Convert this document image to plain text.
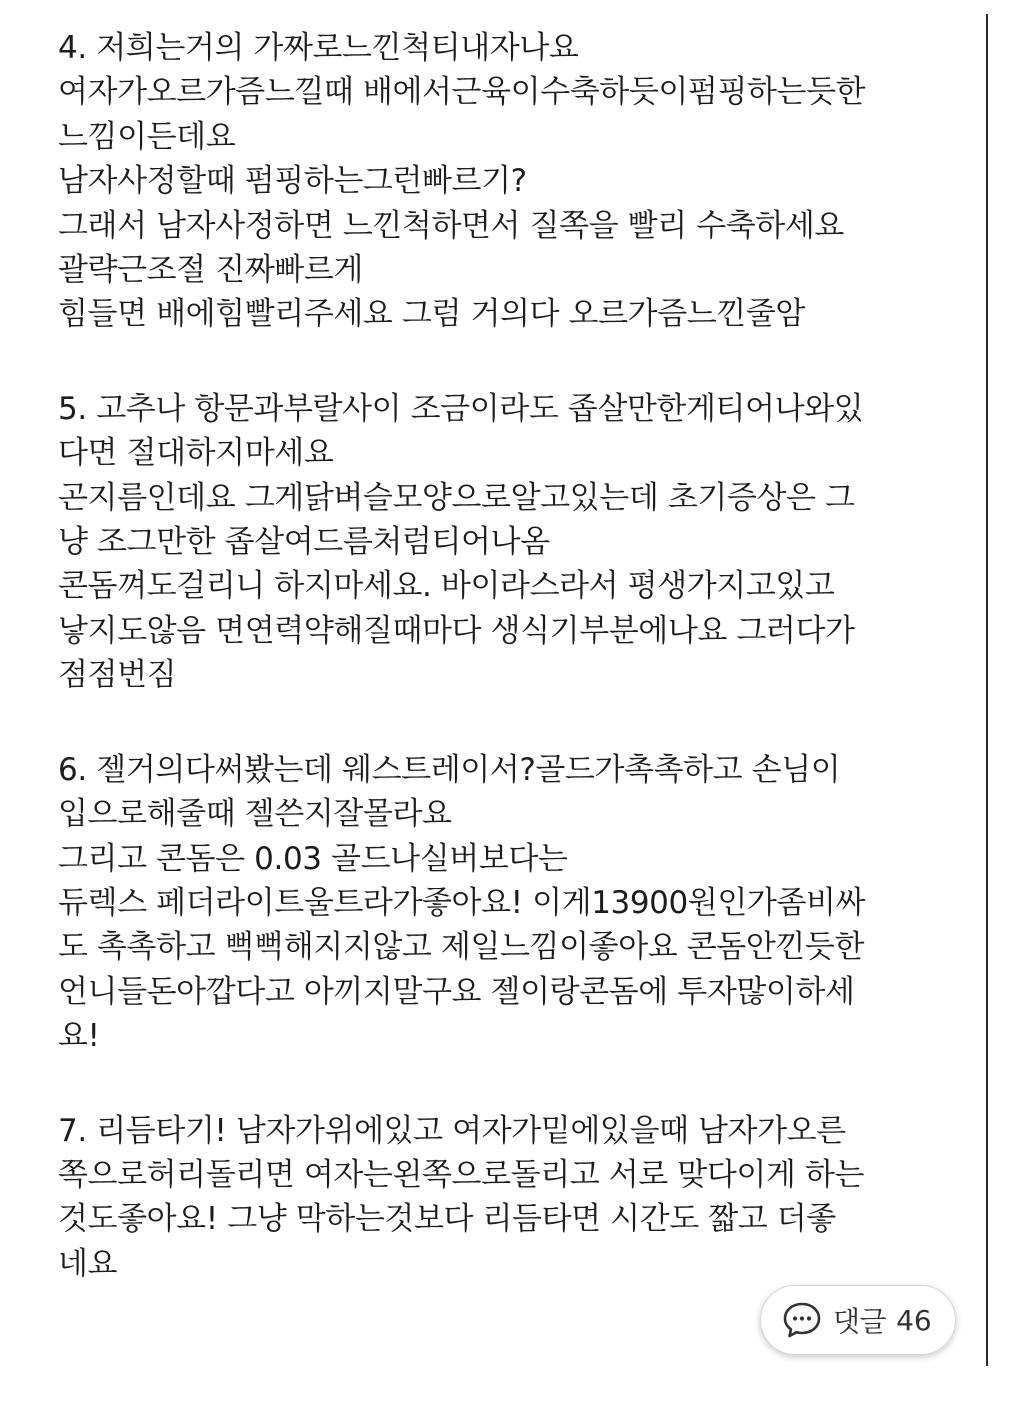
4. 저희는거의 가짜로느낀척티내자나요
여자가오르가즘느낄때 배에서근육이수축하듯이펌핑하는듯한
느낌이든데요
남자사정할때 펌핑하는그런빠르기?
그래서 남자사정하면 느낀척하면서 질쪽을 빨리 수축하세요
괄략근조절 진짜빠르게
힘들면 배에힘빨리주세요 그럼 거의다 오르가즘느낀줄암
5. 고추나 항문과부랄사이 조금이라도 좁살만한게티어나와있
다면 절대하지마세요
곤지름인데요 그게닭벼슬모양으로알고있는데 초기증상은 그
냥 조그만한 좁살여드름처럼티어나옴
콘돔껴도걸리니 하지마세요. 바이라스라서 평생가지고있고
낳지도않음 면연력약해질때마다 생식기부분에나요 그러다가
점점번짐
6. 젤거의다써봤는데 웨스트레이서?골드가촉촉하고 손님이
입으로해줄때 젤쓴지잘몰라요
그리고 콘돔은 0.03 골드나실버보다는
듀렉스 페더라이트울트라가좋아요! 이게13900원인가좀비싸
도 촉촉하고 뻑뻑해지지않고 제일느낌이좋아요 콘돔안낀듯한
언니들돈아깝다고 아끼지말구요 젤이랑콘돔에 투자많이하세
요!
7. 리듬타기! 남자가위에있고 여자가밑에있을때 남자가오른
쪽으로허리돌리면 여자는왼쪽으로돌리고 서로 맞다이게 하는
것도좋아요! 그냥 막하는것보다 리듬타면 시간도 짧고 더좋
네요
댓글 46
